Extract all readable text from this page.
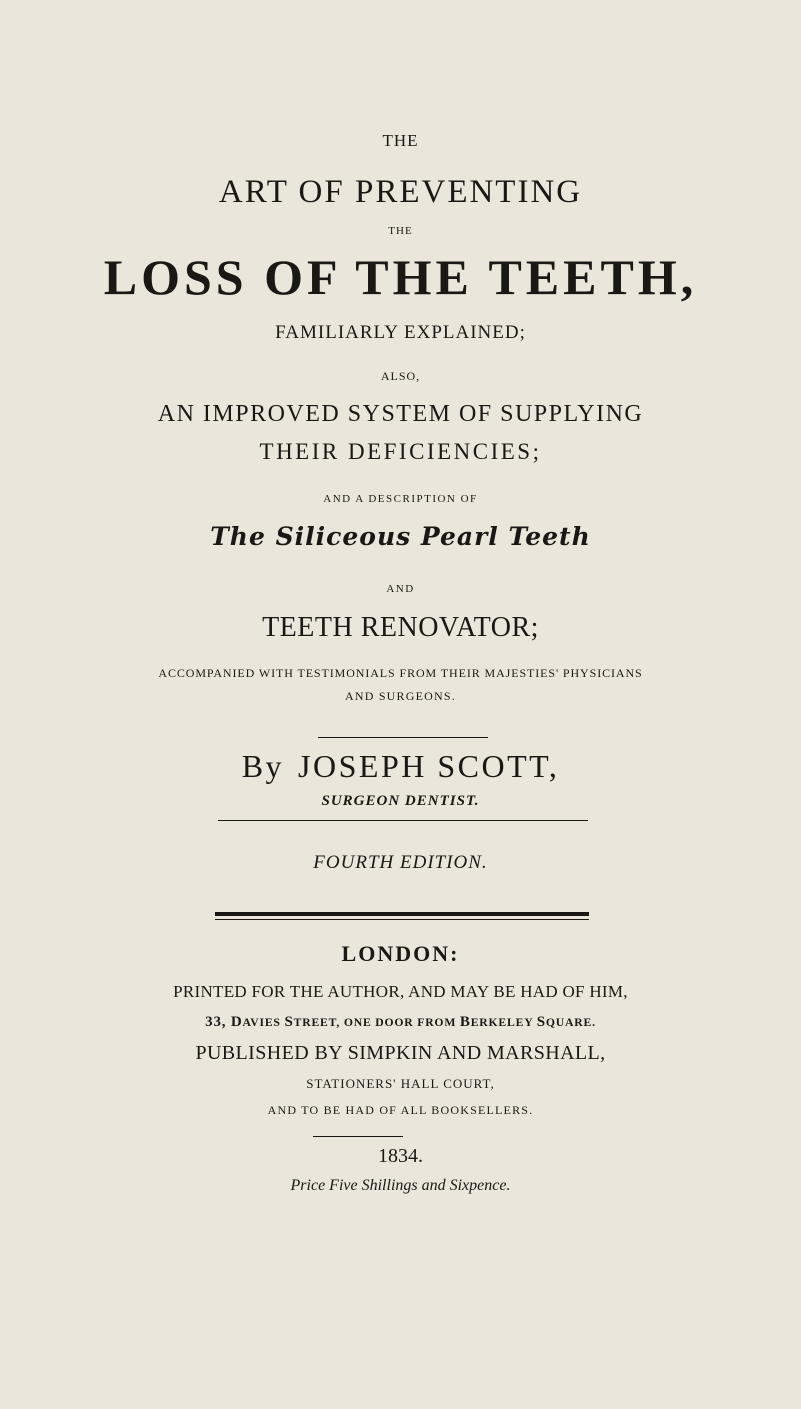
THE
ART OF PREVENTING
THE
LOSS OF THE TEETH,
FAMILIARLY EXPLAINED;
ALSO,
AN IMPROVED SYSTEM OF SUPPLYING
THEIR DEFICIENCIES;
AND A DESCRIPTION OF
The Siliceous Pearl Teeth
AND
TEETH RENOVATOR;
ACCOMPANIED WITH TESTIMONIALS FROM THEIR MAJESTIES' PHYSICIANS
AND SURGEONS.
By JOSEPH SCOTT,
SURGEON DENTIST.
FOURTH EDITION.
LONDON:
PRINTED FOR THE AUTHOR, AND MAY BE HAD OF HIM,
33, DAVIES STREET, ONE DOOR FROM BERKELEY SQUARE.
PUBLISHED BY SIMPKIN AND MARSHALL,
STATIONERS' HALL COURT,
AND TO BE HAD OF ALL BOOKSELLERS.
1834.
Price Five Shillings and Sixpence.
